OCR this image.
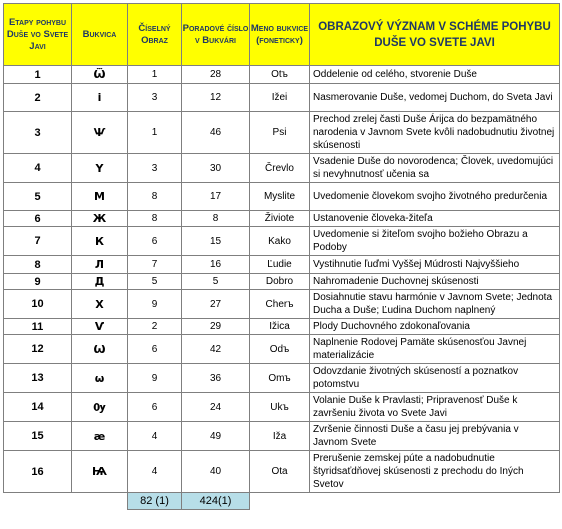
Etapy pohybu Duše vo Svete Javi	Bukvica	Číselný Obraz	Poradové číslo v Bukvári	Meno bukvice (foneticky)	OBRAZOVÝ VÝZNAM V SCHÉME POHYBU DUŠE VO SVETE JAVI
1	Ѿ	1	28	Otъ	Oddelenie od celého, stvorenie Duše
2	і	3	12	Ižei	Nasmerovanie Duše, vedomej Duchom, do Sveta Javi
3	Ѱ	1	46	Psi	Prechod zrelej časti Duše Árijca do bezpamätného narodenia v Javnom Svete kvôli nadobudnutiu životnej skúsenosti
4	Ү	3	30	Črevlo	Vsadenie Duše do novorodenca; Človek, uvedomujúci si nevyhnutnosť učenia sa
5	М	8	17	Myslite	Uvedomenie človekom svojho životného predurčenia
6	Ж	8	8	Živiote	Ustanovenie človeka-žiteľa
7	К	6	15	Kako	Uvedomenie si žiteľom svojho božieho Obrazu a Podoby
8	Л	7	16	Ľudie	Vystihnutie ľuďmi Vyššej Múdrosti Najvyššieho
9	Д	5	5	Dobro	Nahromadenie Duchovnej skúsenosti
10	Х	9	27	Cherъ	Dosiahnutie stavu harmónie v Javnom Svete; Jednota Ducha a Duše; Ľudina Duchom naplnený
11	Ѵ	2	29	Ižica	Plody Duchovného zdokonaľovania
12	Ѡ	6	42	Odъ	Naplnenie Rodovej Pamäte skúsenosťou Javnej materializácie
13	ѡ	9	36	Omъ	Odovzdanie životných skúseností a poznatkov potomstvu
14	Ѹ	6	24	Ukъ	Volanie Duše k Pravlasti; Pripravenosť Duše k završeniu života vo Svete Javi
15	æ	4	49	Iža	Zvršenie činnosti Duše a času jej prebývania v Javnom Svete
16	Ѩ	4	40	Ota	Prerušenie zemskej púte a nadobudnutie štyridsaťdňovej skúsenosti z prechodu do Iných Svetov
		82 (1)	424(1)		
